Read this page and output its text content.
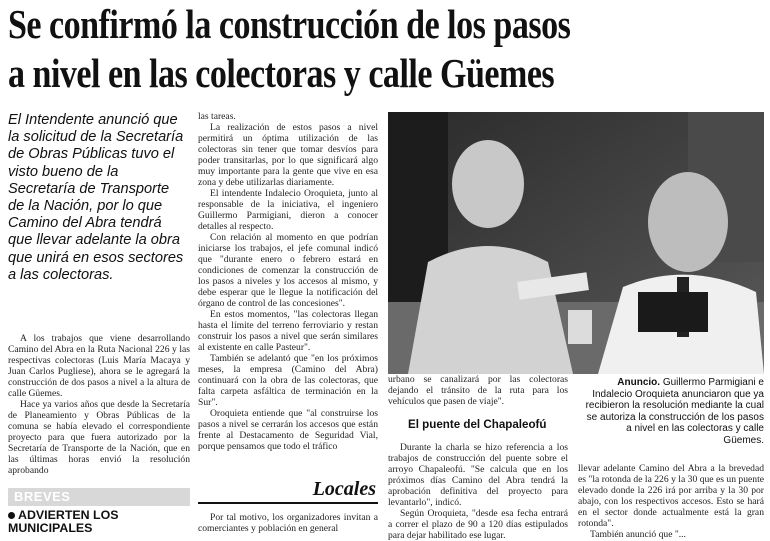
Se confirmó la construcción de los pasos
a nivel en las colectoras y calle Güemes
El Intendente anunció que la solicitud de la Secretaría de Obras Públicas tuvo el visto bueno de la Secretaría de Transporte de la Nación, por lo que Camino del Abra tendrá que llevar adelante la obra que unirá en esos sectores a las colectoras.

A los trabajos que viene desarrollando Camino del Abra en la Ruta Nacional 226 y las respectivas colectoras (Luis María Macaya y Juan Carlos Pugliese), ahora se le agregará la construcción de dos pasos a nivel a la altura de calle Güemes.

Hace ya varios años que desde la Secretaría de Planeamiento y Obras Públicas de la comuna se había elevado el correspondiente proyecto para que fuera autorizado por la Secretaría de Transporte de la Nación, que en las últimas horas envió la resolución aprobando

las tareas.

La realización de estos pasos a nivel permitirá un óptima utilización de las colectoras sin tener que tomar desvíos para poder transitarlas, por lo que significará algo muy importante para la gente que vive en esa zona y debe utilizarlas diariamente.

El intendente Indalecio Oroquieta, junto al responsable de la iniciativa, el ingeniero Guillermo Parmigiani, dieron a conocer detalles al respecto.

Con relación al momento en que podrían iniciarse los trabajos, el jefe comunal indicó que "durante enero o febrero estará en condiciones de comenzar la construcción de los pasos a niveles y los accesos al mismo, y debe esperar que le llegue la notificación del órgano de control de las concesiones".

En estos momentos, "las colectoras llegan hasta el límite del terreno ferroviario y restan construir los pasos a nivel que serán similares al existente en calle Pasteur".

También se adelantó que "en los próximos meses, la empresa (Camino del Abra) continuará con la obra de las colectoras, que falta carpeta asfáltica de terminación en la Sur".

Oroquieta entiende que "al construirse los pasos a nivel se cerrarán los accesos que están frente al Destacamento de Seguridad Vial, porque pensamos que todo el tráfico

Anuncio. Guillermo Parmigiani e Indalecio Oroquieta anunciaron que ya recibieron la resolución mediante la cual se autoriza la construcción de los pasos a nivel en las colectoras y calle Güemes.

urbano se canalizará por las colectoras dejando el tránsito de la ruta para los vehículos que pasen de viaje".

El puente del Chapaleofú

Durante la charla se hizo referencia a los trabajos de construcción del puente sobre el arroyo Chapaleofú. "Se calcula que en los próximos días Camino del Abra tendrá la aprobación definitiva del proyecto para levantarlo", indicó.

Según Oroquieta, "desde esa fecha entrará a correr el plazo de 90 a 120 días estipulados para dejar habilitado ese lugar.

llevar adelante Camino del Abra a la brevedad es "la rotonda de la 226 y la 30 que es un puente elevado donde la 226 irá por arriba y la 30 por abajo, con los respectivos accesos. Esto se hará en el sector donde actualmente está la gran rotonda".

También anunció que "...

BREVES	Locales
ADVIERTEN LOS MUNICIPALES

Por tal motivo, los organizadores invitan a comerciantes y población en general
